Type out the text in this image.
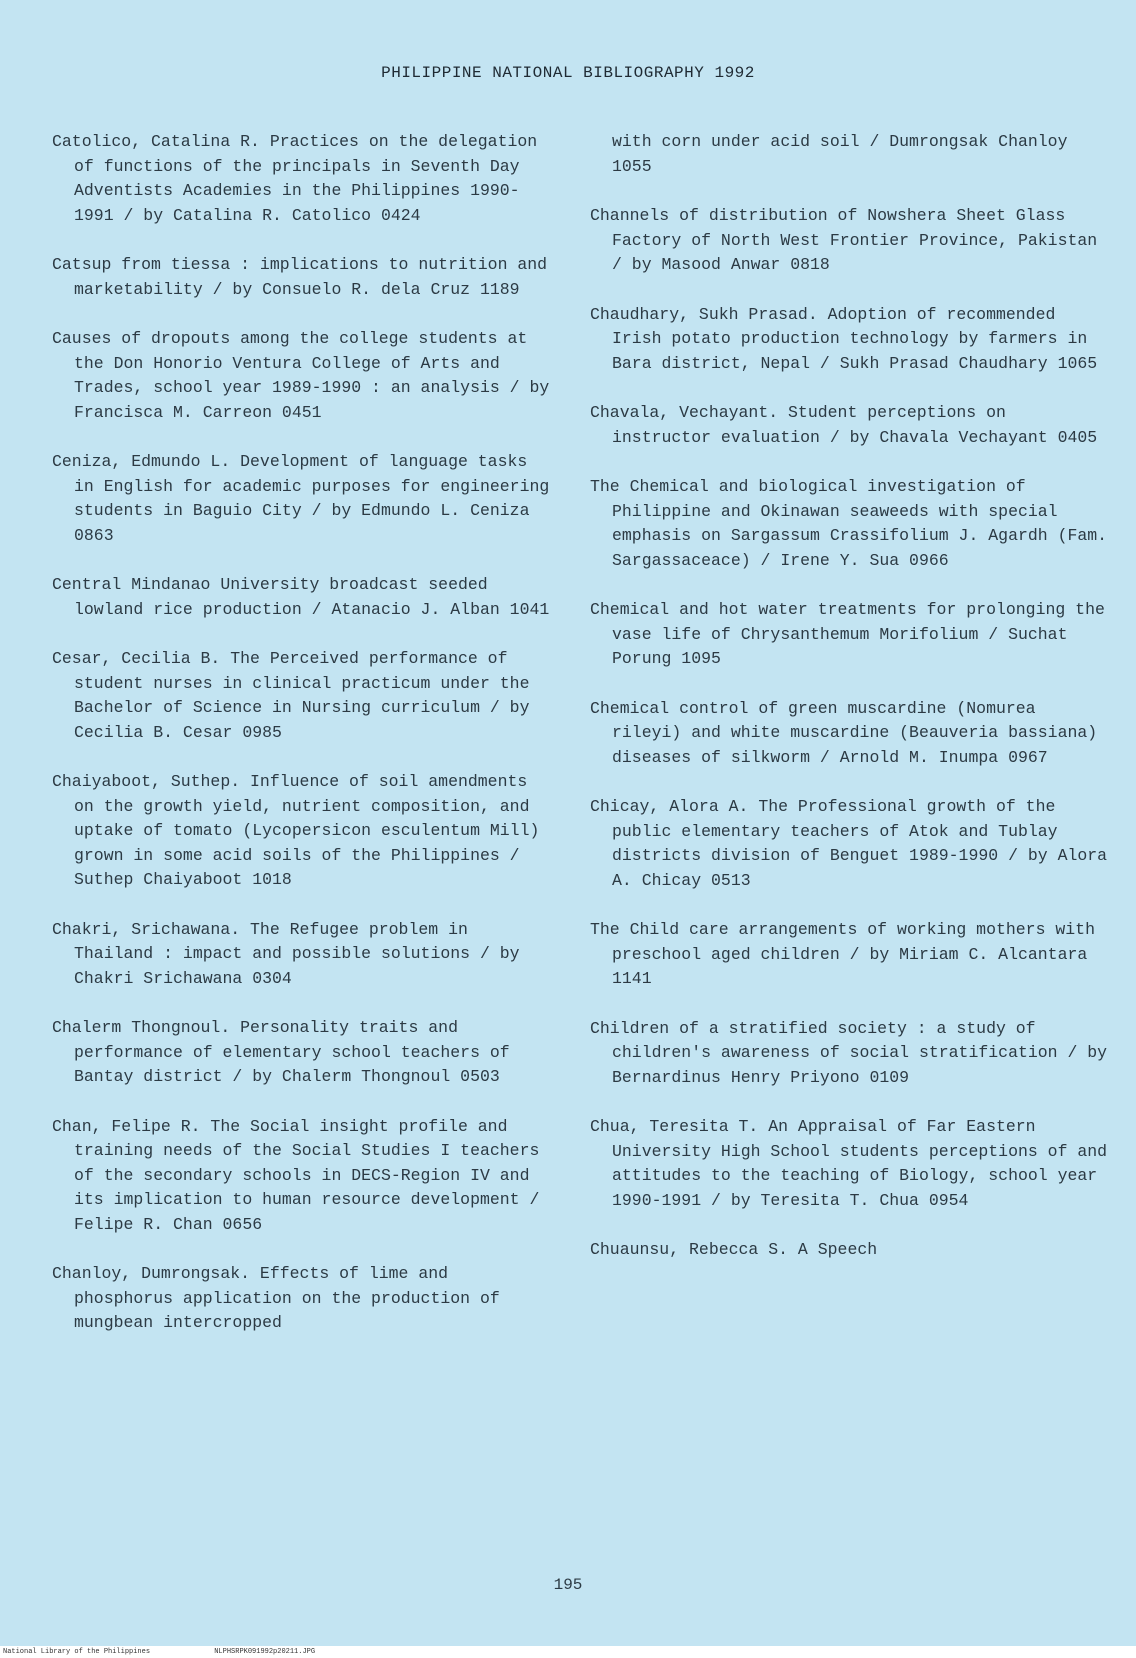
PHILIPPINE NATIONAL BIBLIOGRAPHY 1992

Catolico, Catalina R. Practices on the delegation of functions of the principals in Seventh Day Adventists Academies in the Philippines 1990-1991 / by Catalina R. Catolico 0424

Catsup from tiessa : implications to nutrition and marketability / by Consuelo R. dela Cruz 1189

Causes of dropouts among the college students at the Don Honorio Ventura College of Arts and Trades, school year 1989-1990 : an analysis / by Francisca M. Carreon 0451

Ceniza, Edmundo L. Development of language tasks in English for academic purposes for engineering students in Baguio City / by Edmundo L. Ceniza 0863

Central Mindanao University broadcast seeded lowland rice production / Atanacio J. Alban 1041

Cesar, Cecilia B. The Perceived performance of student nurses in clinical practicum under the Bachelor of Science in Nursing curriculum / by Cecilia B. Cesar 0985

Chaiyaboot, Suthep. Influence of soil amendments on the growth yield, nutrient composition, and uptake of tomato (Lycopersicon esculentum Mill) grown in some acid soils of the Philippines / Suthep Chaiyaboot 1018

Chakri, Srichawana. The Refugee problem in Thailand : impact and possible solutions / by Chakri Srichawana 0304

Chalerm Thongnoul. Personality traits and performance of elementary school teachers of Bantay district / by Chalerm Thongnoul 0503

Chan, Felipe R. The Social insight profile and training needs of the Social Studies I teachers of the secondary schools in DECS-Region IV and its implication to human resource development / Felipe R. Chan 0656

Chanloy, Dumrongsak. Effects of lime and phosphorus application on the production of mungbean intercropped

with corn under acid soil / Dumrongsak Chanloy 1055

Channels of distribution of Nowshera Sheet Glass Factory of North West Frontier Province, Pakistan / by Masood Anwar 0818

Chaudhary, Sukh Prasad. Adoption of recommended Irish potato production technology by farmers in Bara district, Nepal / Sukh Prasad Chaudhary 1065

Chavala, Vechayant. Student perceptions on instructor evaluation / by Chavala Vechayant 0405

The Chemical and biological investigation of Philippine and Okinawan seaweeds with special emphasis on Sargassum Crassifolium J. Agardh (Fam. Sargassaceace) / Irene Y. Sua 0966

Chemical and hot water treatments for prolonging the vase life of Chrysanthemum Morifolium / Suchat Porung 1095

Chemical control of green muscardine (Nomurea rileyi) and white muscardine (Beauveria bassiana) diseases of silkworm / Arnold M. Inumpa 0967

Chicay, Alora A. The Professional growth of the public elementary teachers of Atok and Tublay districts division of Benguet 1989-1990 / by Alora A. Chicay 0513

The Child care arrangements of working mothers with preschool aged children / by Miriam C. Alcantara 1141

Children of a stratified society : a study of children's awareness of social stratification / by Bernardinus Henry Priyono 0109

Chua, Teresita T. An Appraisal of Far Eastern University High School students perceptions of and attitudes to the teaching of Biology, school year 1990-1991 / by Teresita T. Chua 0954

Chuaunsu, Rebecca S. A Speech

195
National Library of the Philippines	NLPHSRPK091992p20211.JPG
